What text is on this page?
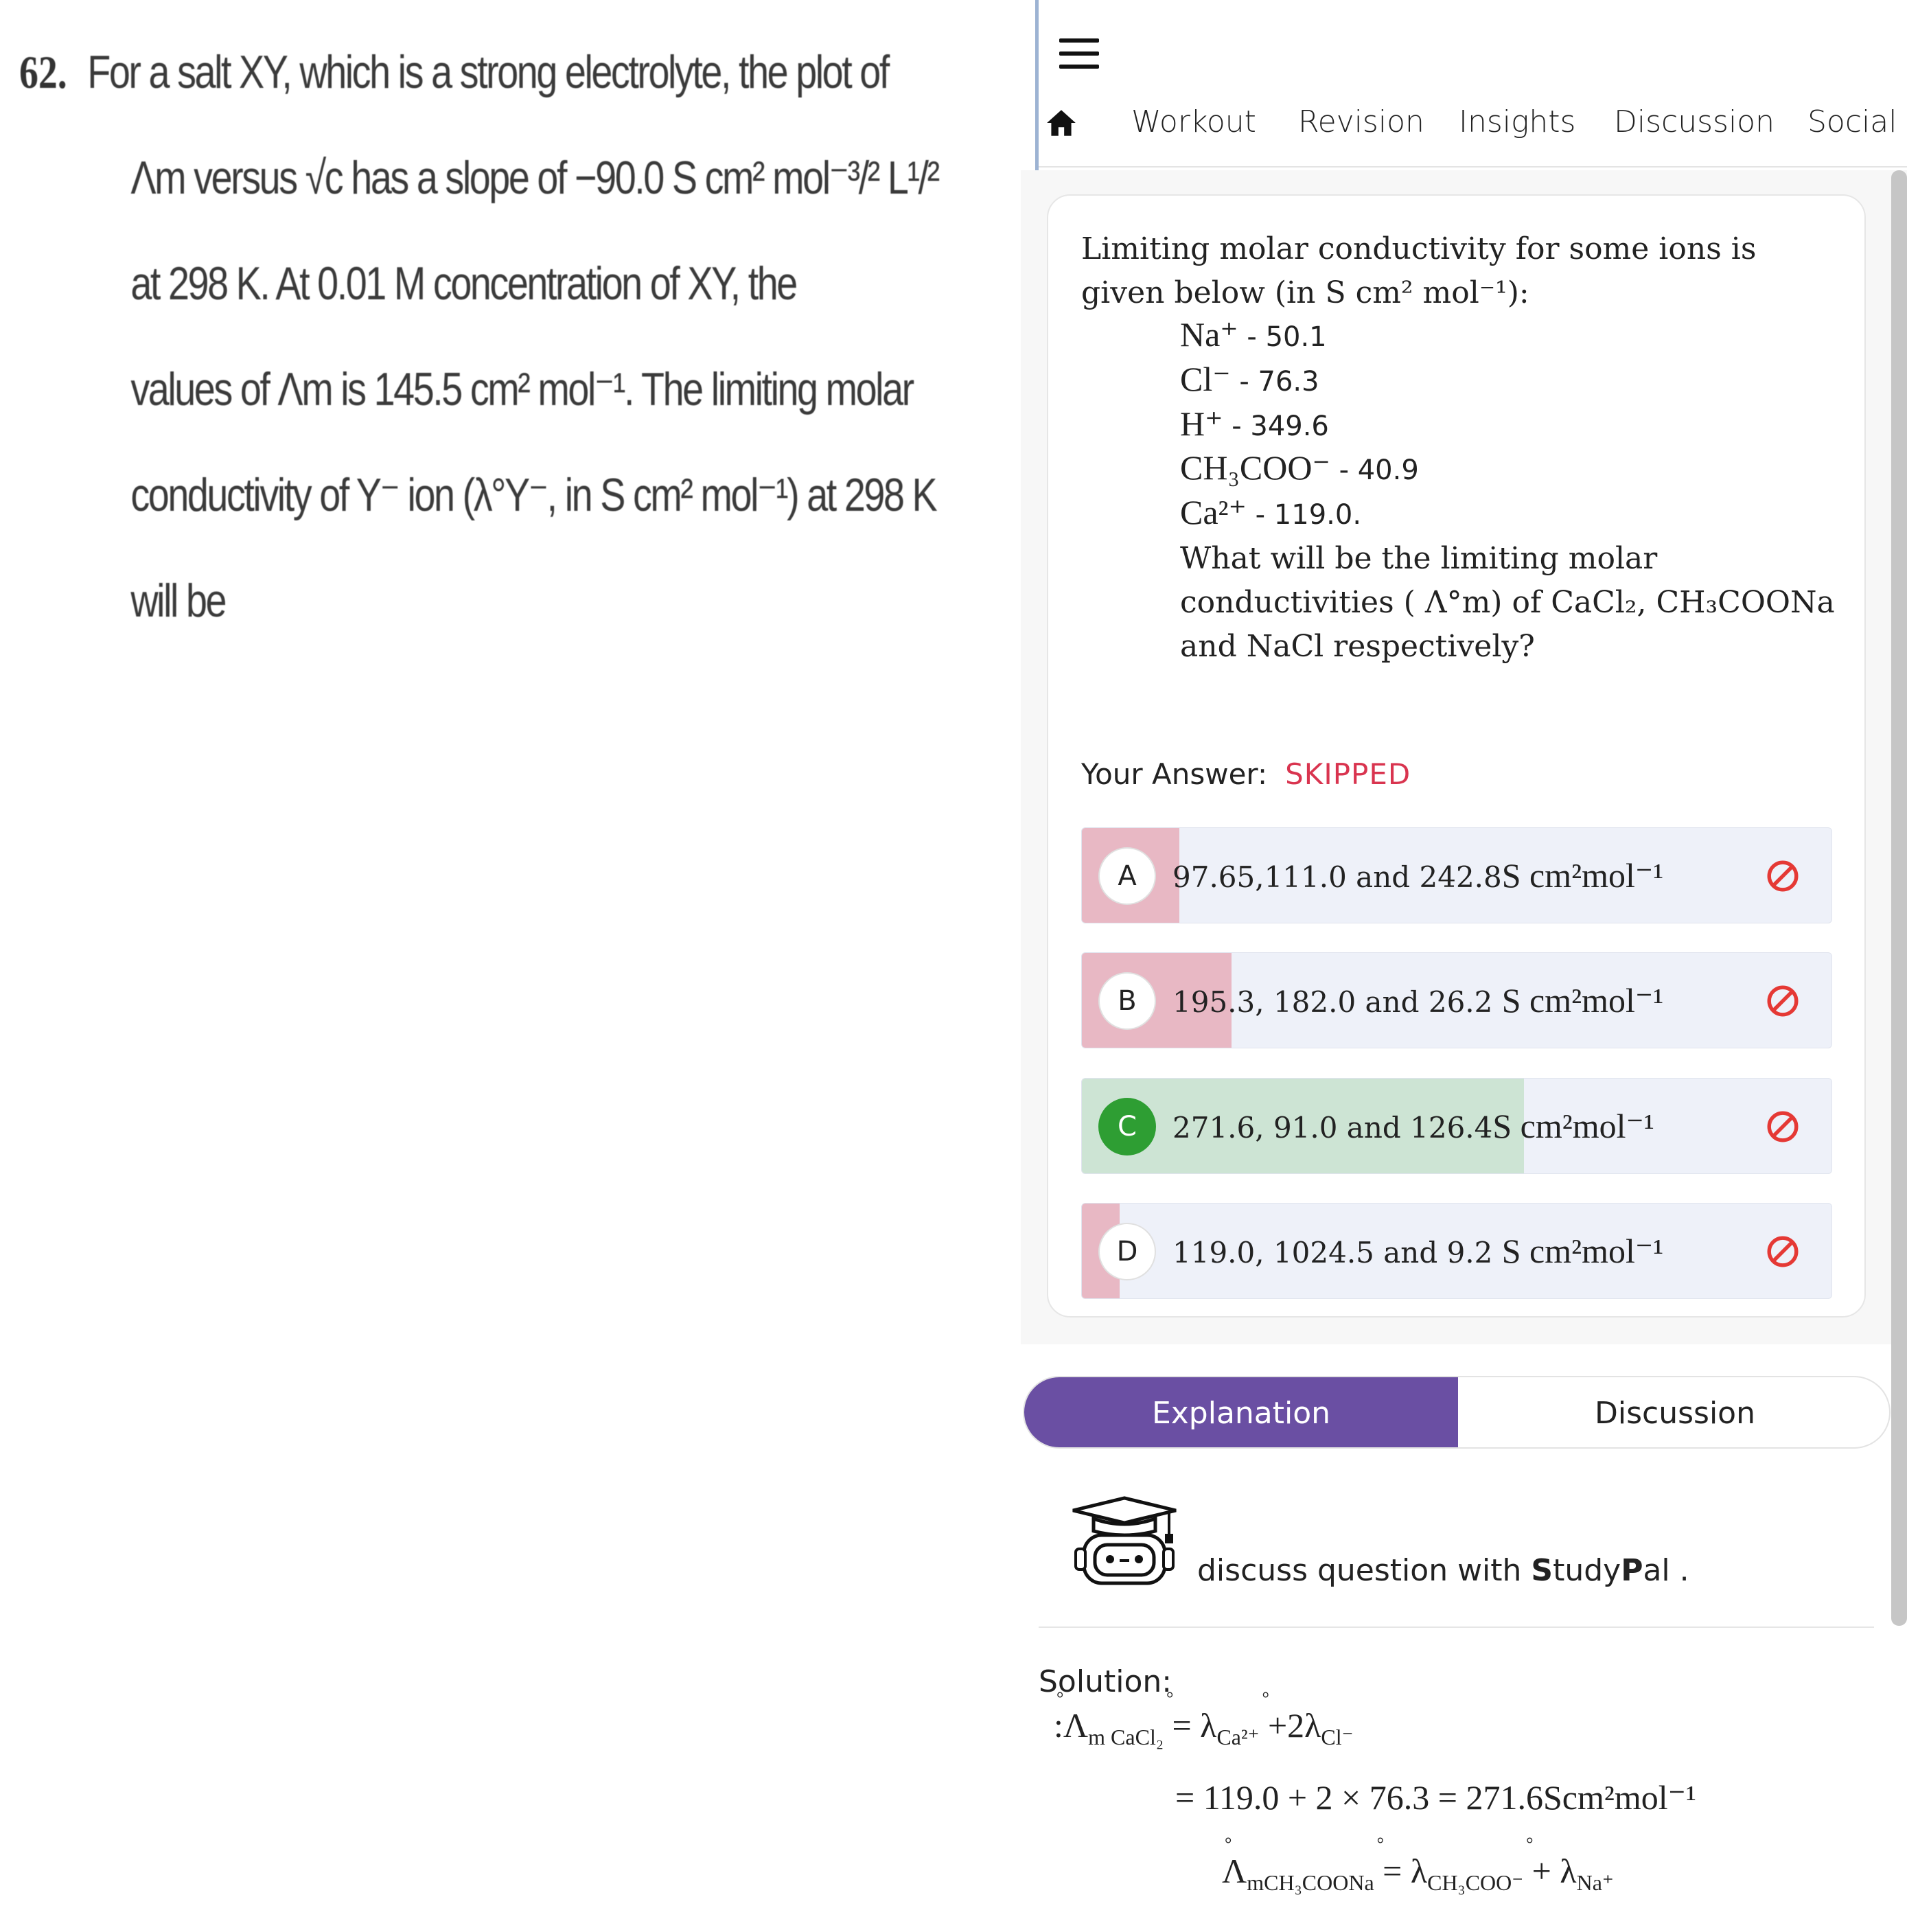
62. For a salt XY, which is a strong electrolyte, the plot of
Λm versus √c has a slope of −90.0 S cm² mol⁻³/² L¹/²
at 298 K. At 0.01 M concentration of XY, the
values of Λm is 145.5 cm² mol⁻¹. The limiting molar
conductivity of Y⁻ ion (λ°Y⁻, in S cm² mol⁻¹) at 298 K
will be
Workout Revision Insights Discussion Social
Limiting molar conductivity for some ions is given below (in S cm² mol⁻¹):
Na⁺ - 50.1
Cl⁻ - 76.3
H⁺ - 349.6
CH₃COO⁻ - 40.9
Ca²⁺ - 119.0.
What will be the limiting molar conductivities ( Λ°m) of CaCl₂, CH₃COONa and NaCl respectively?
Your Answer: SKIPPED
A	97.65,111.0 and 242.8S cm²mol⁻¹
B	195.3, 182.0 and 26.2 S cm²mol⁻¹
C	271.6, 91.0 and 126.4S cm²mol⁻¹
D	119.0, 1024.5 and 9.2 S cm²mol⁻¹
Explanation	Discussion
discuss question with StudyPal .
Solution:
° $:\Lambda_{m CaCl_2}^\circ = \lambda_{Ca^{2+}}^\circ +2\lambda_{Cl^-}$
= 119.0 + 2 × 76.3 = 271.6Scm²mol⁻¹
° $\Lambda_{mCH_3COONa}^\circ = \lambda_{CH_3COO^-}^\circ + \lambda_{Na^+}$
